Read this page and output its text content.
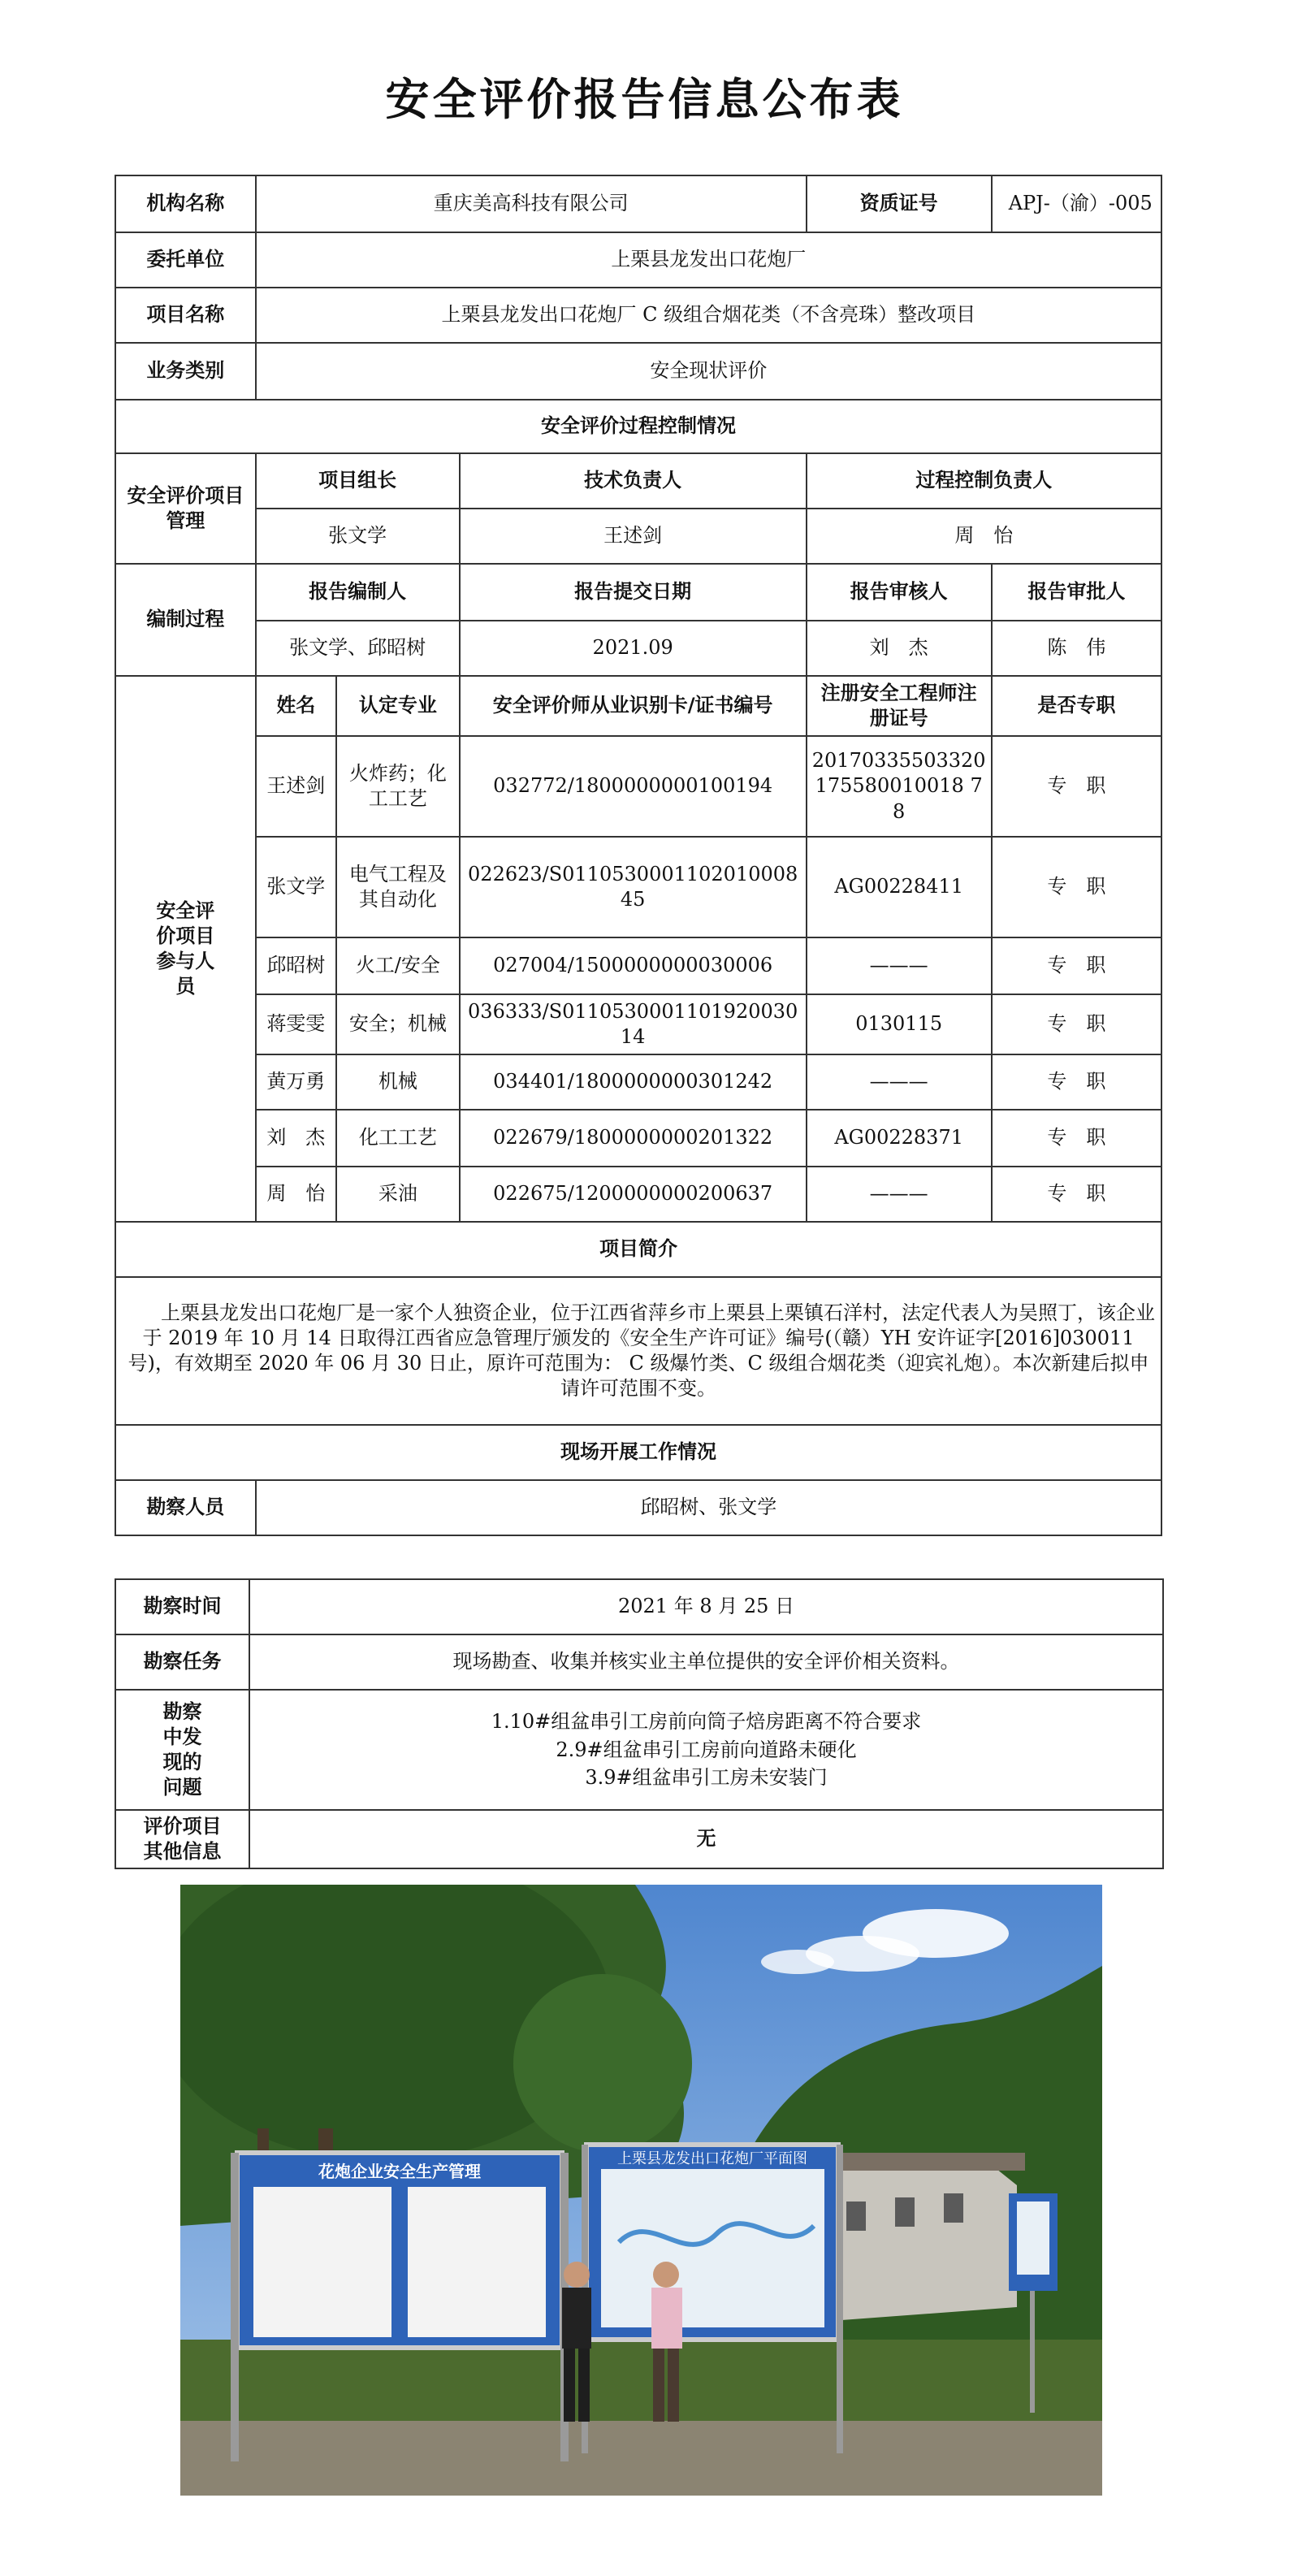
安全评价报告信息公布表
机构名称	重庆美高科技有限公司			资质证号	APJ-（渝）-005
委托单位	上栗县龙发出口花炮厂				
项目名称	上栗县龙发出口花炮厂 C 级组合烟花类（不含亮珠）整改项目				
业务类别	安全现状评价				
安全评价过程控制情况					
安全评价项目管理	项目组长		技术负责人	过程控制负责人	
	张文学		王述剑	周　怡	
编制过程	报告编制人		报告提交日期	报告审核人	报告审批人
	张文学、邱昭树		2021.09	刘　杰	陈　伟
安全评价项目参与人员	姓名	认定专业	安全评价师从业识别卡/证书编号	注册安全工程师注册证号	是否专职
	王述剑	火炸药；化工工艺	032772/1800000000100194	20170335503320175580010018 78	专　职
	张文学	电气工程及其自动化	022623/S011053000110201000845	AG00228411	专　职
	邱昭树	火工/安全	027004/1500000000030006	———	专　职
	蒋雯雯	安全；机械	036333/S011053000110192003014	0130115	专　职
	黄万勇	机械	034401/1800000000301242	———	专　职
	刘　杰	化工工艺	022679/1800000000201322	AG00228371	专　职
	周　怡	采油	022675/1200000000200637	———	专　职
项目简介					
上栗县龙发出口花炮厂是一家个人独资企业，位于江西省萍乡市上栗县上栗镇石洋村，法定代表人为吴照丁，该企业于 2019 年 10 月 14 日取得江西省应急管理厅颁发的《安全生产许可证》编号(（赣）YH 安许证字[2016]030011 号)，有效期至 2020 年 06 月 30 日止，原许可范围为： C 级爆竹类、C 级组合烟花类（迎宾礼炮）。本次新建后拟申请许可范围不变。					
现场开展工作情况					
勘察人员	邱昭树、张文学				
勘察时间	2021 年 8 月 25 日
勘察任务	现场勘查、收集并核实业主单位提供的安全评价相关资料。
勘察中发现的问题	1.10#组盆串引工房前向筒子焙房距离不符合要求
2.9#组盆串引工房前向道路未硬化
3.9#组盆串引工房未安装门

评价项目其他信息	无
花炮企业安全生产管理
上栗县龙发出口花炮厂平面图
